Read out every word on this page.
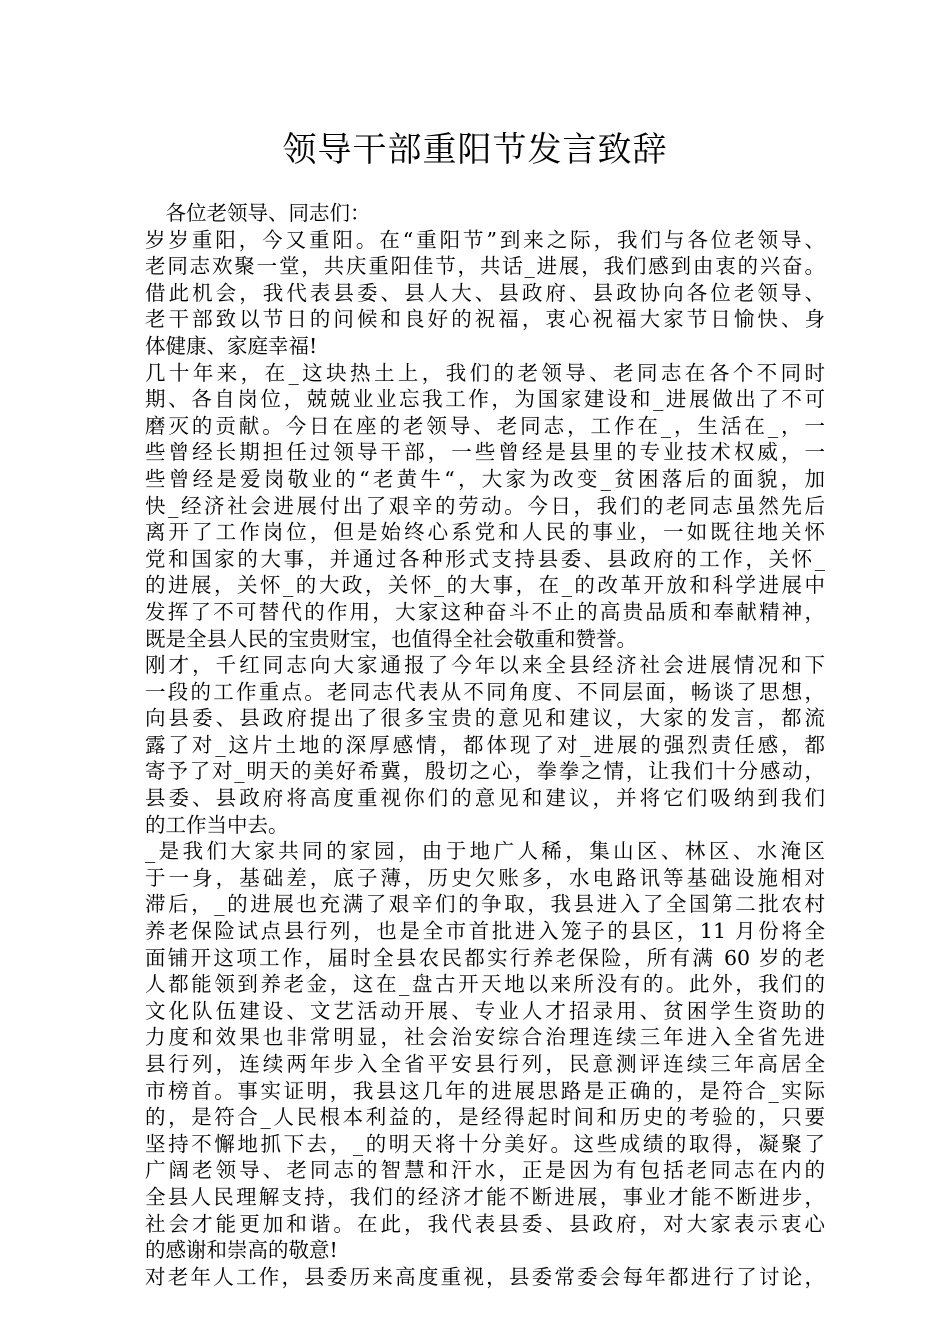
领导干部重阳节发言致辞
　各位老领导、同志们：
岁岁重阳，今又重阳。在“重阳节”到来之际，我们与各位老领导、
老同志欢聚一堂，共庆重阳佳节，共话_进展，我们感到由衷的兴奋。
借此机会，我代表县委、县人大、县政府、县政协向各位老领导、
老干部致以节日的问候和良好的祝福，衷心祝福大家节日愉快、身
体健康、家庭幸福!
几十年来，在_这块热土上，我们的老领导、老同志在各个不同时
期、各自岗位，兢兢业业忘我工作，为国家建设和_进展做出了不可
磨灭的贡献。今日在座的老领导、老同志，工作在_，生活在_，一
些曾经长期担任过领导干部，一些曾经是县里的专业技术权威，一
些曾经是爱岗敬业的“老黄牛“，大家为改变_贫困落后的面貌，加
快_经济社会进展付出了艰辛的劳动。今日，我们的老同志虽然先后
离开了工作岗位，但是始终心系党和人民的事业，一如既往地关怀
党和国家的大事，并通过各种形式支持县委、县政府的工作，关怀_
的进展，关怀_的大政，关怀_的大事，在_的改革开放和科学进展中
发挥了不可替代的作用，大家这种奋斗不止的高贵品质和奉献精神，
既是全县人民的宝贵财宝，也值得全社会敬重和赞誉。
刚才，千红同志向大家通报了今年以来全县经济社会进展情况和下
一段的工作重点。老同志代表从不同角度、不同层面，畅谈了思想，
向县委、县政府提出了很多宝贵的意见和建议，大家的发言，都流
露了对_这片土地的深厚感情，都体现了对_进展的强烈责任感，都
寄予了对_明天的美好希冀，殷切之心，拳拳之情，让我们十分感动，
县委、县政府将高度重视你们的意见和建议，并将它们吸纳到我们
的工作当中去。
_是我们大家共同的家园，由于地广人稀，集山区、林区、水淹区
于一身，基础差，底子薄，历史欠账多，水电路讯等基础设施相对
滞后，_的进展也充满了艰辛们的争取，我县进入了全国第二批农村
养老保险试点县行列，也是全市首批进入笼子的县区，11 月份将全
面铺开这项工作，届时全县农民都实行养老保险，所有满 60 岁的老
人都能领到养老金，这在_盘古开天地以来所没有的。此外，我们的
文化队伍建设、文艺活动开展、专业人才招录用、贫困学生资助的
力度和效果也非常明显，社会治安综合治理连续三年进入全省先进
县行列，连续两年步入全省平安县行列，民意测评连续三年高居全
市榜首。事实证明，我县这几年的进展思路是正确的，是符合_实际
的，是符合_人民根本利益的，是经得起时间和历史的考验的，只要
坚持不懈地抓下去，_的明天将十分美好。这些成绩的取得，凝聚了
广阔老领导、老同志的智慧和汗水，正是因为有包括老同志在内的
全县人民理解支持，我们的经济才能不断进展，事业才能不断进步，
社会才能更加和谐。在此，我代表县委、县政府，对大家表示衷心
的感谢和崇高的敬意!
对老年人工作，县委历来高度重视，县委常委会每年都进行了讨论，
